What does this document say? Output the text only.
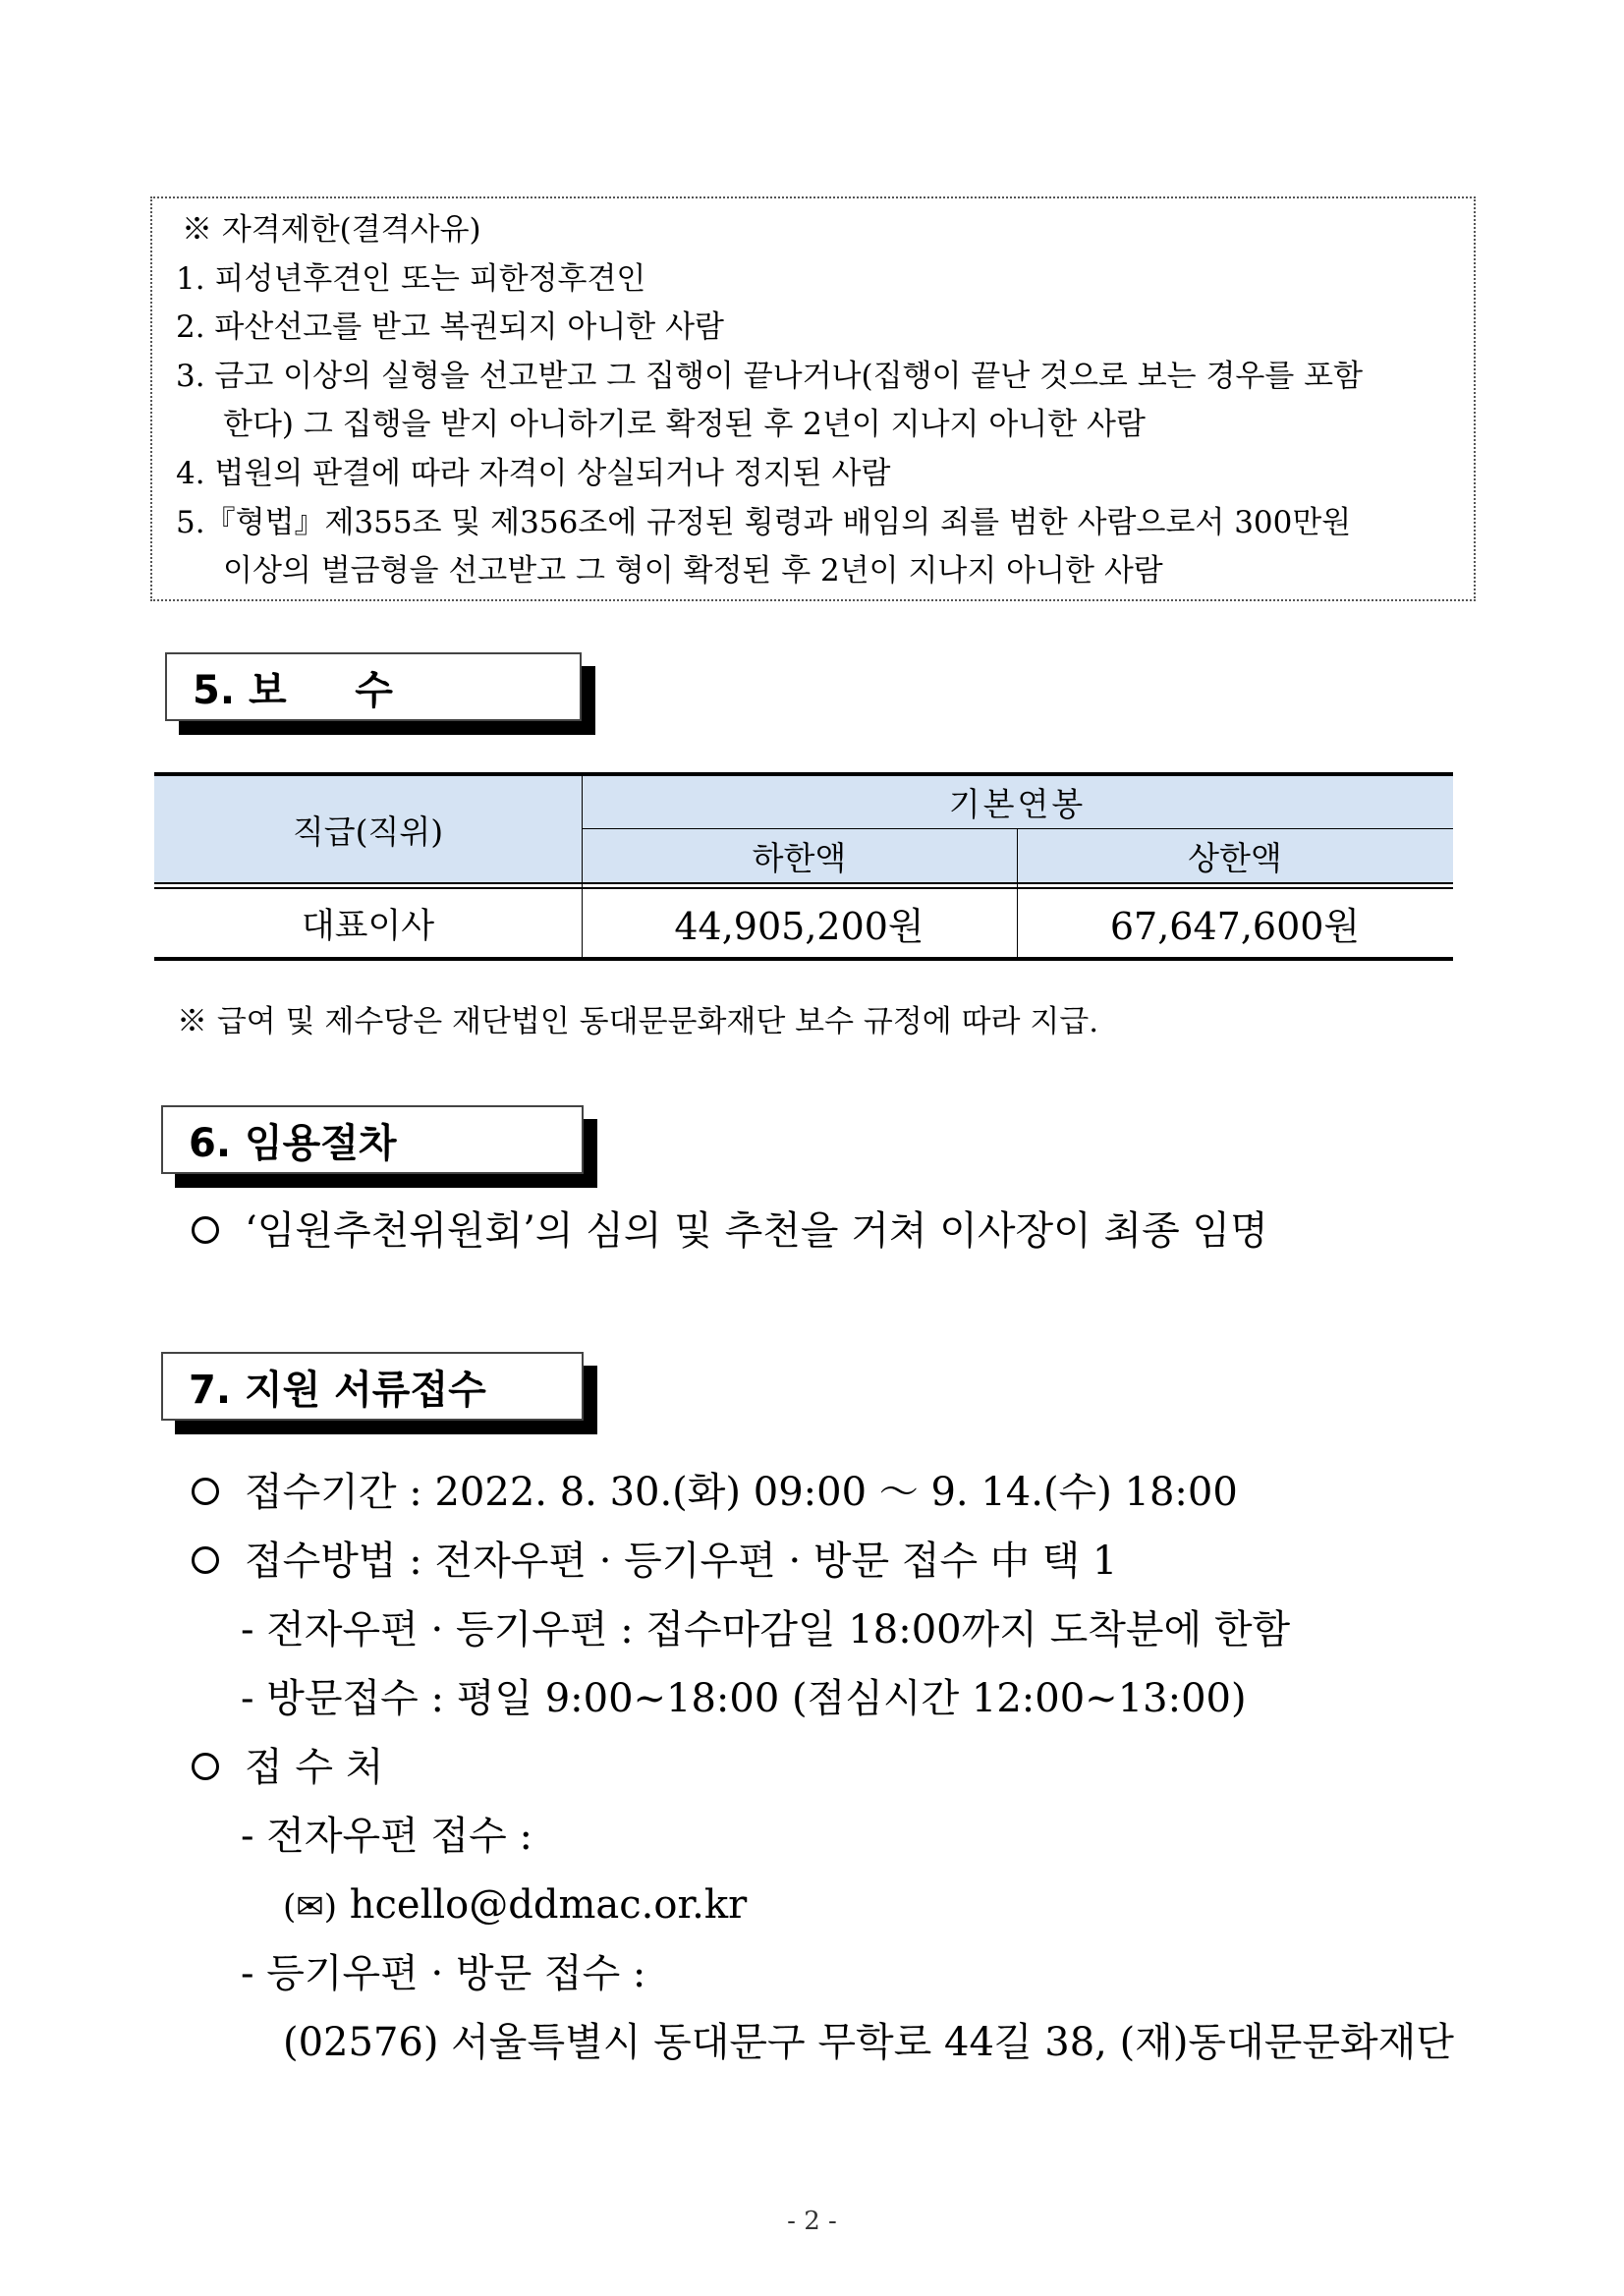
※ 자격제한(결격사유)
1. 피성년후견인 또는 피한정후견인
2. 파산선고를 받고 복권되지 아니한 사람
3. 금고 이상의 실형을 선고받고 그 집행이 끝나거나(집행이 끝난 것으로 보는 경우를 포함
한다) 그 집행을 받지 아니하기로 확정된 후 2년이 지나지 아니한 사람
4. 법원의 판결에 따라 자격이 상실되거나 정지된 사람
5.『형법』제355조 및 제356조에 규정된 횡령과 배임의 죄를 범한 사람으로서 300만원
이상의 벌금형을 선고받고 그 형이 확정된 후 2년이 지나지 아니한 사람
5. 보     수
직급(직위)
기본연봉
하한액	상한액
대표이사	44,905,200원	67,647,600원
※ 급여 및 제수당은 재단법인 동대문문화재단 보수 규정에 따라 지급.
6. 임용절차
‘임원추천위원회’의 심의 및 추천을 거쳐 이사장이 최종 임명
7. 지원 서류접수
접수기간 : 2022. 8. 30.(화) 09:00 ～ 9. 14.(수) 18:00
접수방법 : 전자우편 · 등기우편 · 방문 접수 中 택 1
- 전자우편 · 등기우편 : 접수마감일 18:00까지 도착분에 한함
- 방문접수 : 평일 9:00~18:00 (점심시간 12:00~13:00)
접 수 처
- 전자우편 접수 :
(✉) hcello@ddmac.or.kr
- 등기우편 · 방문 접수 :
(02576) 서울특별시 동대문구 무학로 44길 38, (재)동대문문화재단
- 2 -
